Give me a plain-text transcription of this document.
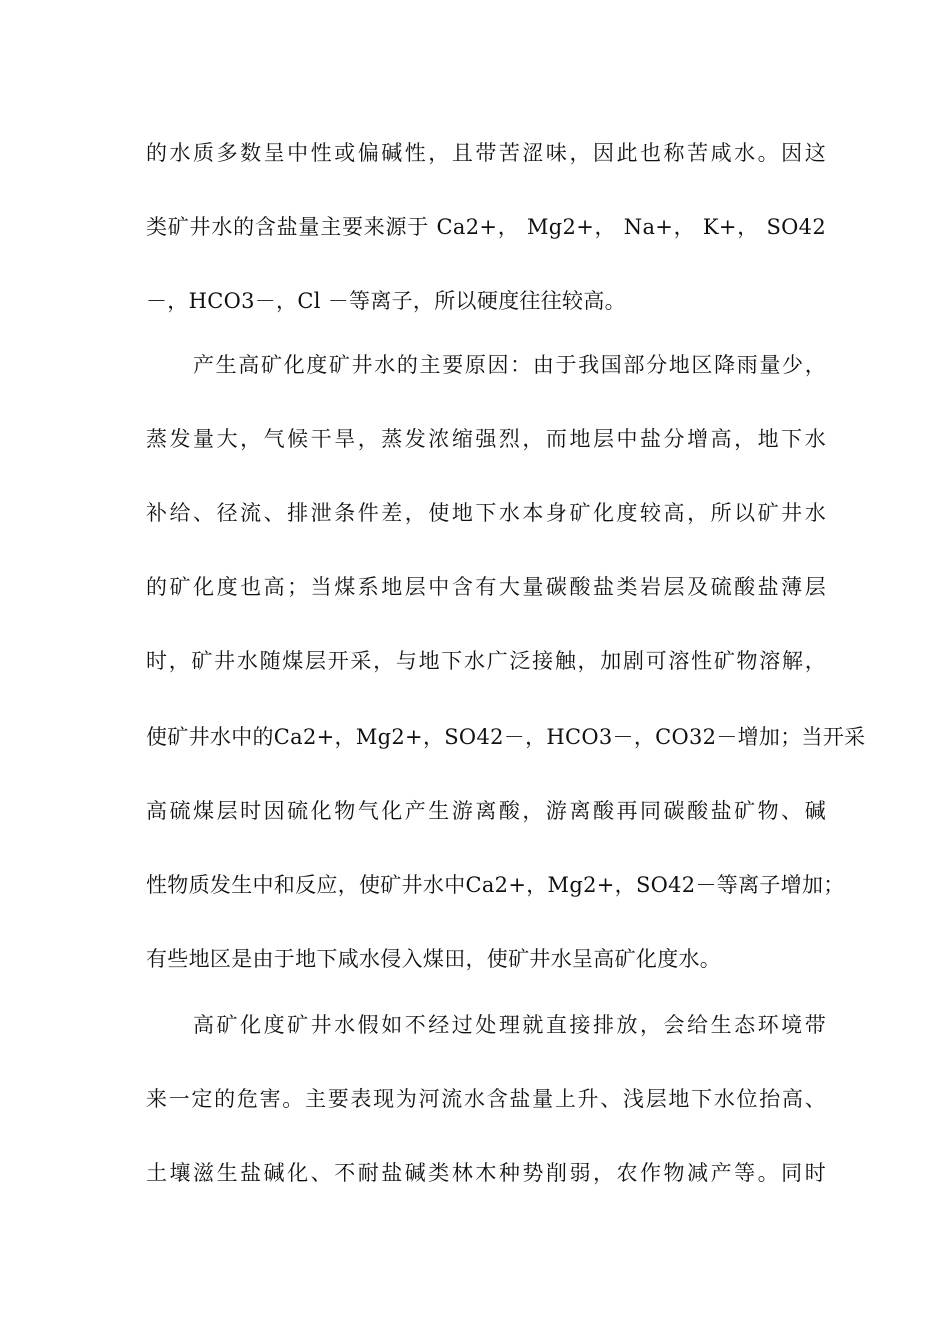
的水质多数呈中性或偏碱性，且带苦涩味，因此也称苦咸水。因这
类矿井水的含盐量主要来源于 Ca2+， Mg2+， Na+， K+， SO42
－，HCO3－，Cl －等离子，所以硬度往往较高。
产生高矿化度矿井水的主要原因：由于我国部分地区降雨量少，
蒸发量大，气候干旱，蒸发浓缩强烈，而地层中盐分增高，地下水
补给、径流、排泄条件差，使地下水本身矿化度较高，所以矿井水
的矿化度也高；当煤系地层中含有大量碳酸盐类岩层及硫酸盐薄层
时，矿井水随煤层开采，与地下水广泛接触，加剧可溶性矿物溶解，
使矿井水中的Ca2+，Mg2+，SO42－，HCO3－，CO32－增加；当开采
高硫煤层时因硫化物气化产生游离酸，游离酸再同碳酸盐矿物、碱
性物质发生中和反应，使矿井水中Ca2+，Mg2+，SO42－等离子增加；
有些地区是由于地下咸水侵入煤田，使矿井水呈高矿化度水。
高矿化度矿井水假如不经过处理就直接排放，会给生态环境带
来一定的危害。主要表现为河流水含盐量上升、浅层地下水位抬高、
土壤滋生盐碱化、不耐盐碱类林木种势削弱，农作物减产等。同时
